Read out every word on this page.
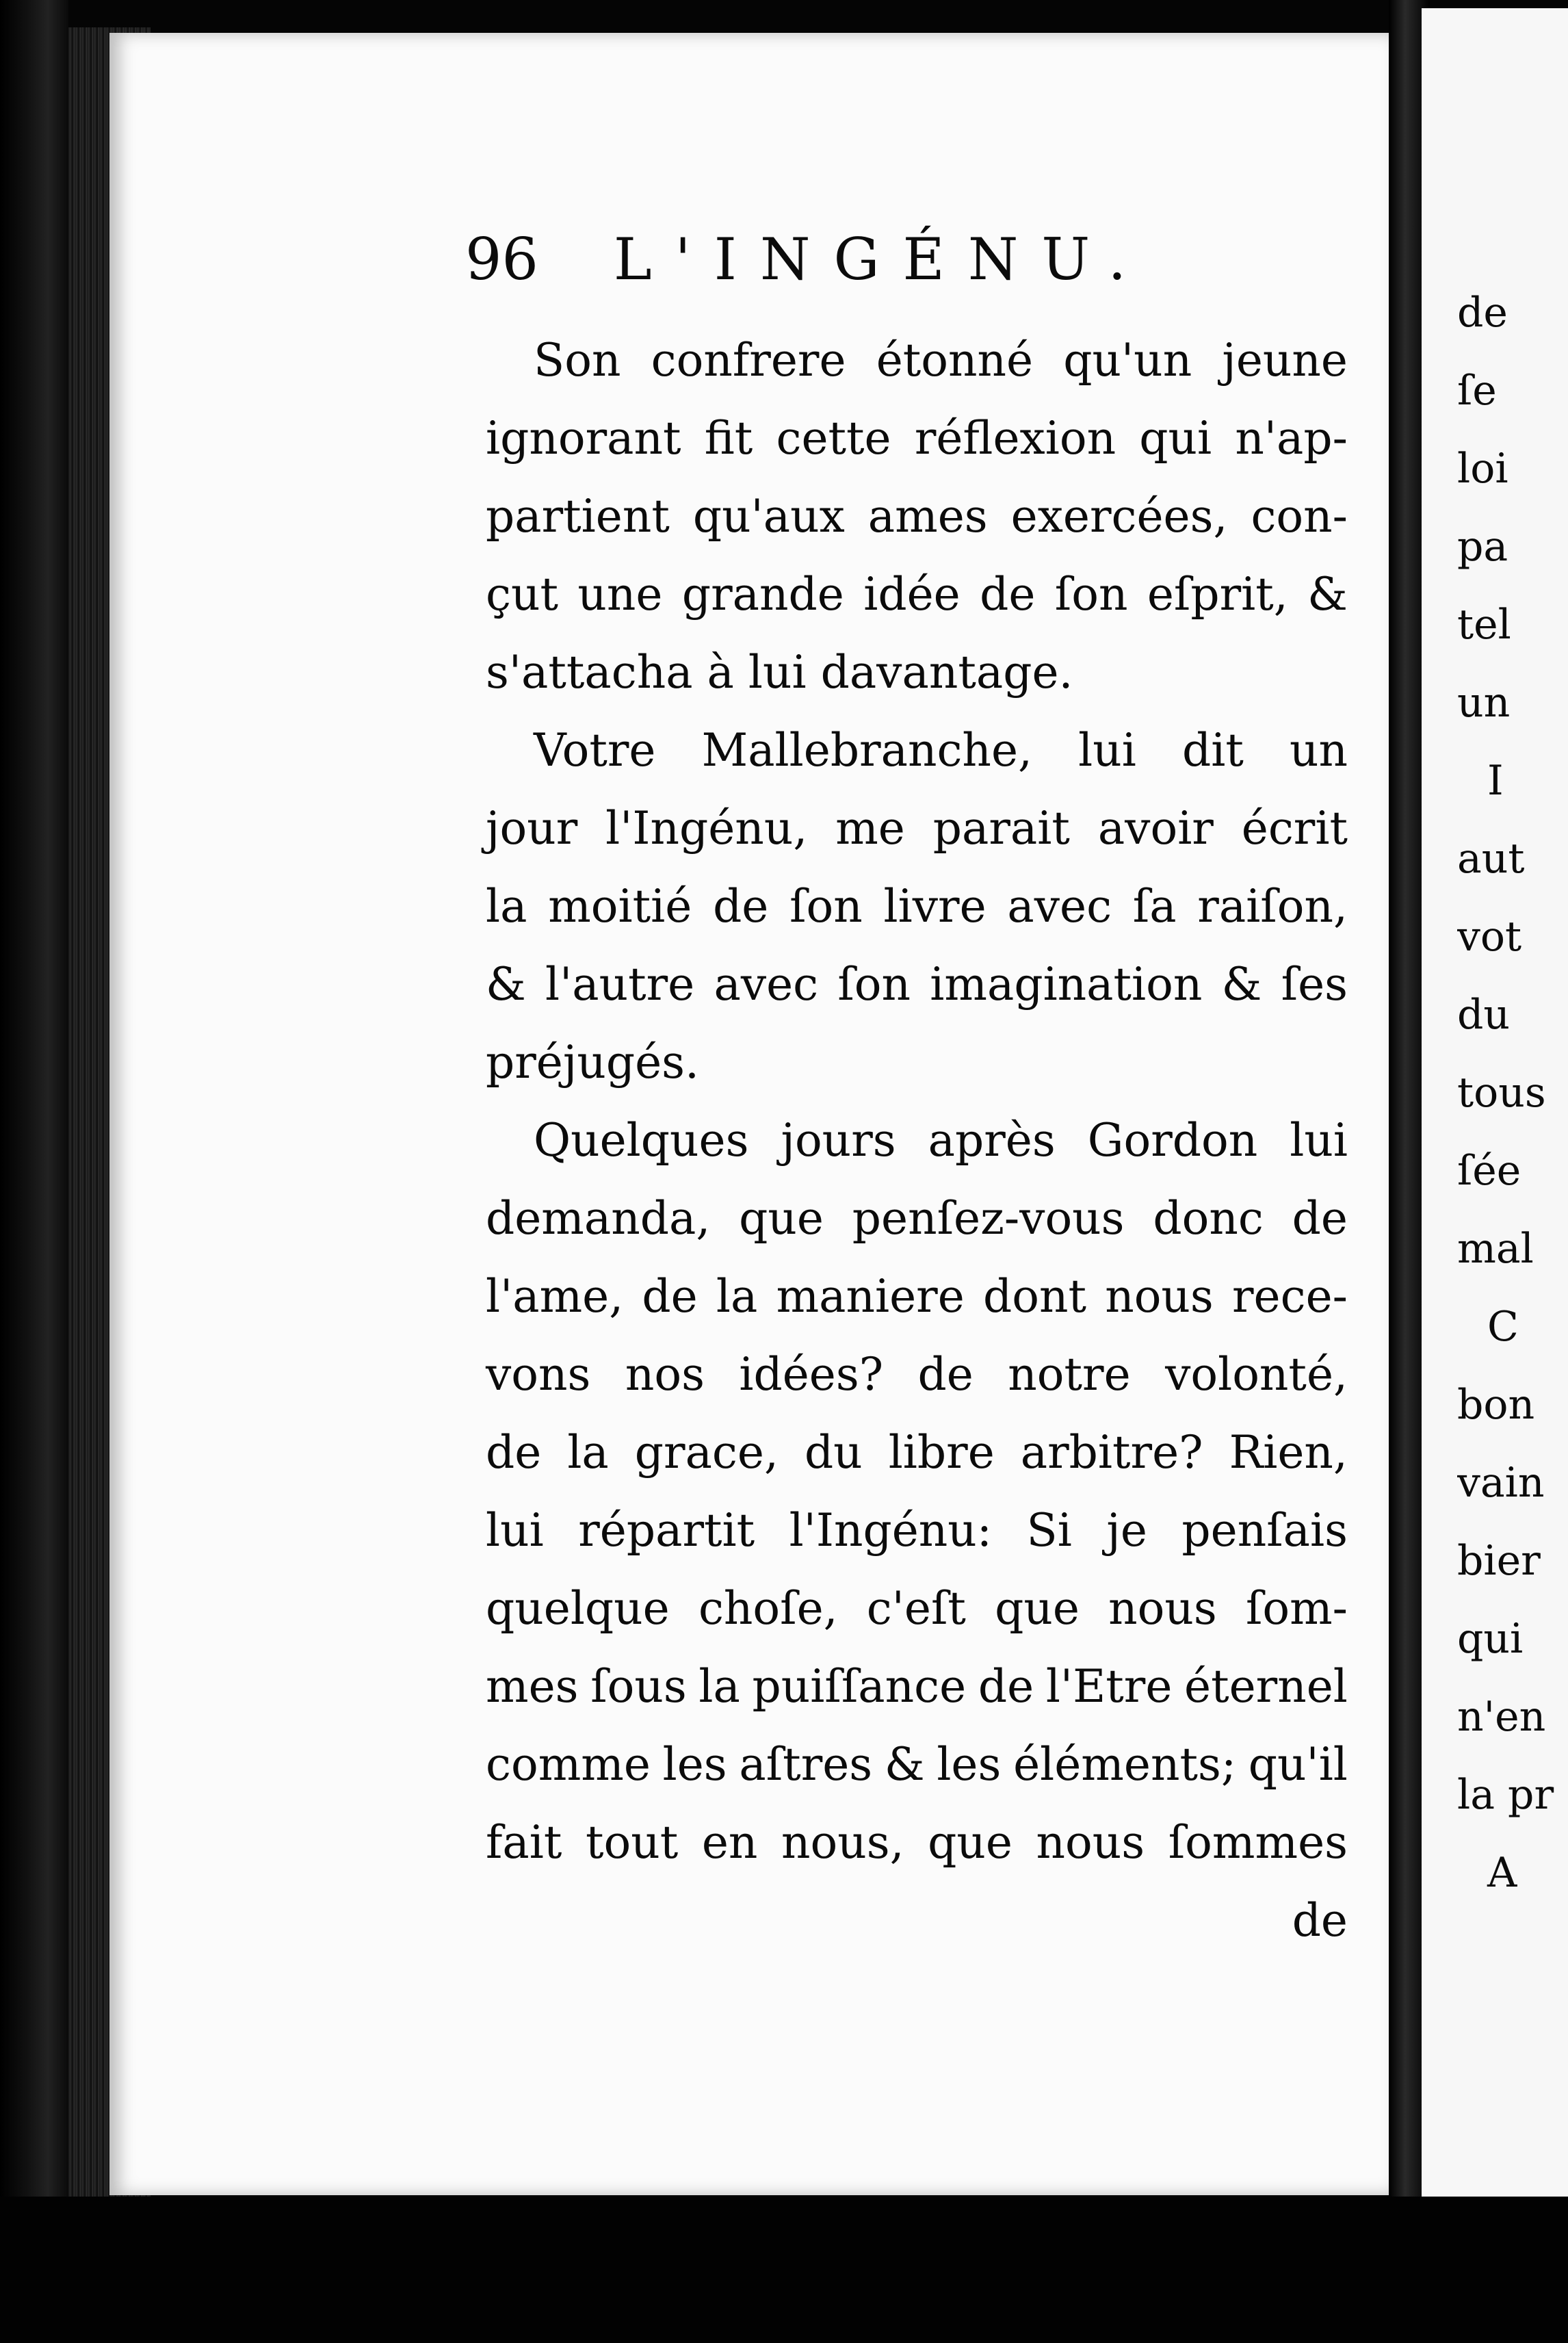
96 L'INGÉNU.
Son confrere étonné qu'un jeune
ignorant fit cette réflexion qui n'ap-
partient qu'aux ames exercées, con-
çut une grande idée de ſon eſprit, &
s'attacha à lui davantage.
Votre Mallebranche, lui dit un
jour l'Ingénu, me parait avoir écrit
la moitié de ſon livre avec ſa raiſon,
& l'autre avec ſon imagination & ſes
préjugés.
Quelques jours après Gordon lui
demanda, que penſez-vous donc de
l'ame, de la maniere dont nous rece-
vons nos idées? de notre volonté,
de la grace, du libre arbitre? Rien,
lui répartit l'Ingénu: Si je penſais
quelque choſe, c'eſt que nous ſom-
mes ſous la puiſſance de l'Etre éternel
comme les aſtres & les éléments; qu'il
fait tout en nous, que nous ſommes
de
de
ſe
loi
pa
tel
un
I
aut
vot
du
tous
ſée
mal
C
bon
vain
bier
qui
n'en
la pr
A
